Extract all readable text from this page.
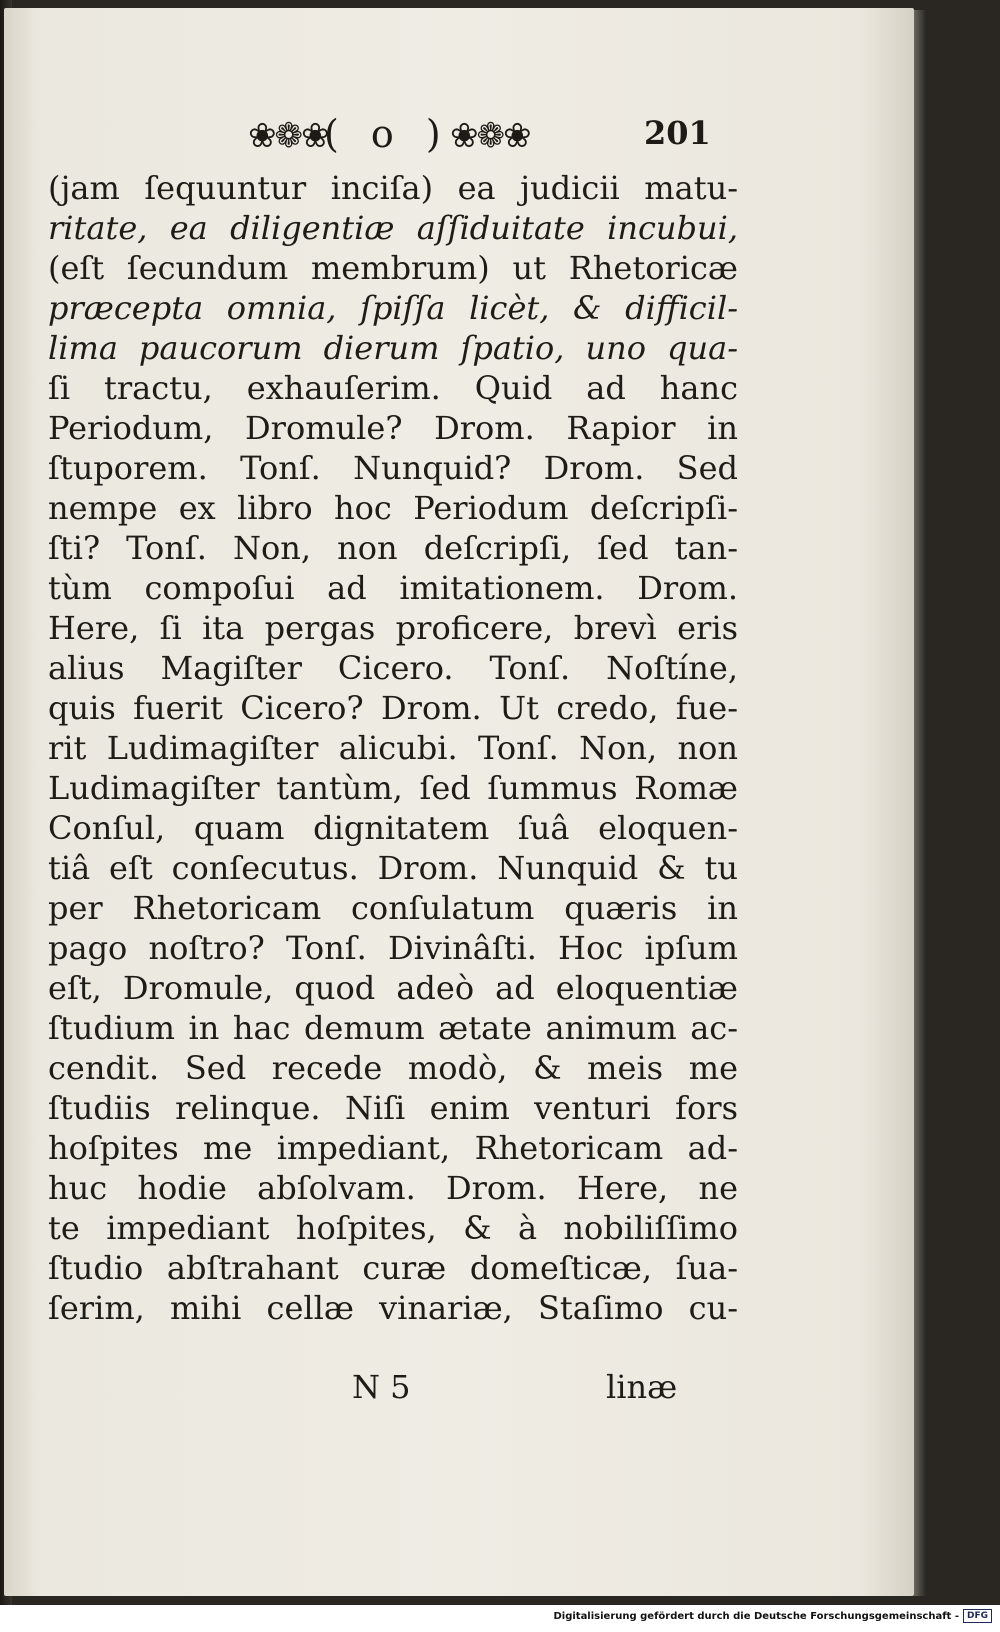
❀❁❀
( o ) ❀❁❀	201
(jam ſequuntur inciſa) ea judicii matu-
ritate, ea diligentiæ aſſiduitate incubui,
(eſt ſecundum membrum) ut Rhetoricæ
præcepta omnia, ſpiſſa licèt, & difficil-
lima paucorum dierum ſpatio, uno qua-
ſi tractu, exhauſerim. Quid ad hanc
Periodum, Dromule? Drom. Rapior in
ſtuporem. Tonſ. Nunquid? Drom. Sed
nempe ex libro hoc Periodum deſcripſi-
ſti? Tonſ. Non, non deſcripſi, ſed tan-
tùm compoſui ad imitationem. Drom.
Here, ſi ita pergas proficere, brevì eris
alius Magiſter Cicero. Tonſ. Noſtíne,
quis fuerit Cicero? Drom. Ut credo, fue-
rit Ludimagiſter alicubi. Tonſ. Non, non
Ludimagiſter tantùm, ſed ſummus Romæ
Conſul, quam dignitatem ſuâ eloquen-
tiâ eſt conſecutus. Drom. Nunquid & tu
per Rhetoricam conſulatum quæris in
pago noſtro? Tonſ. Divinâſti. Hoc ipſum
eſt, Dromule, quod adeò ad eloquentiæ
ſtudium in hac demum ætate animum ac-
cendit. Sed recede modò, & meis me
ſtudiis relinque. Niſi enim venturi fors
hoſpites me impediant, Rhetoricam ad-
huc hodie abſolvam. Drom. Here, ne
te impediant hoſpites, & à nobiliſſimo
ſtudio abſtrahant curæ domeſticæ, ſua-
ſerim, mihi cellæ vinariæ, Staſimo cu-
N 5	linæ
Digitalisierung gefördert durch die Deutsche Forschungsgemeinschaft - DFG
